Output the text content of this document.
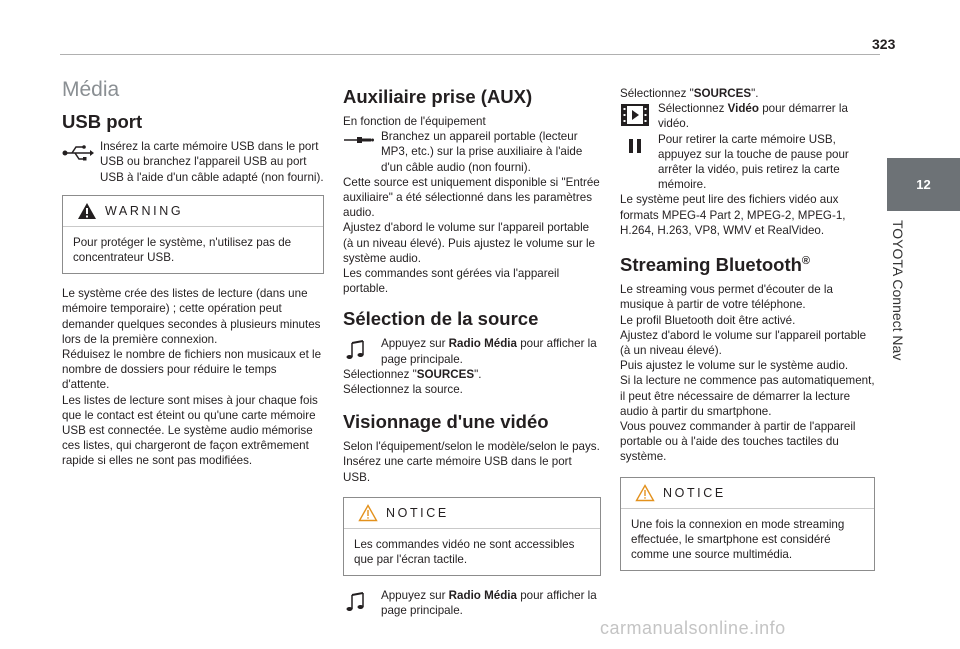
323
12
TOYOTA Connect Nav
Média
USB port

Insérez la carte mémoire USB dans le port USB ou branchez l'appareil USB au port USB à l'aide d'un câble adapté (non fourni).

WARNING

Pour protéger le système, n'utilisez pas de concentrateur USB.

Le système crée des listes de lecture (dans une mémoire temporaire) ; cette opération peut demander quelques secondes à plusieurs minutes lors de la première connexion.

Réduisez le nombre de fichiers non musicaux et le nombre de dossiers pour réduire le temps d'attente.

Les listes de lecture sont mises à jour chaque fois que le contact est éteint ou qu'une carte mémoire USB est connectée. Le système audio mémorise ces listes, qui chargeront de façon extrêmement rapide si elles ne sont pas modifiées.

Auxiliaire prise (AUX)

En fonction de l'équipement

Branchez un appareil portable (lecteur MP3, etc.) sur la prise auxiliaire à l'aide d'un câble audio (non fourni).

Cette source est uniquement disponible si "Entrée auxiliaire" a été sélectionné dans les paramètres audio.

Ajustez d'abord le volume sur l'appareil portable (à un niveau élevé). Puis ajustez le volume sur le système audio.

Les commandes sont gérées via l'appareil portable.

Sélection de la source

Appuyez sur Radio Média pour afficher la page principale.

Sélectionnez "SOURCES".

Sélectionnez la source.

Visionnage d'une vidéo

Selon l'équipement/selon le modèle/selon le pays.

Insérez une carte mémoire USB dans le port USB.

NOTICE

Les commandes vidéo ne sont accessibles que par l'écran tactile.

Appuyez sur Radio Média pour afficher la page principale.

Sélectionnez "SOURCES".

Sélectionnez Vidéo pour démarrer la vidéo.

Pour retirer la carte mémoire USB, appuyez sur la touche de pause pour arrêter la vidéo, puis retirez la carte mémoire.

Le système peut lire des fichiers vidéo aux formats MPEG-4 Part 2, MPEG-2, MPEG-1, H.264, H.263, VP8, WMV et RealVideo.

Streaming Bluetooth®

Le streaming vous permet d'écouter de la musique à partir de votre téléphone.

Le profil Bluetooth doit être activé.

Ajustez d'abord le volume sur l'appareil portable (à un niveau élevé).

Puis ajustez le volume sur le système audio.

Si la lecture ne commence pas automatiquement, il peut être nécessaire de démarrer la lecture audio à partir du smartphone.

Vous pouvez commander à partir de l'appareil portable ou à l'aide des touches tactiles du système.

NOTICE

Une fois la connexion en mode streaming effectuée, le smartphone est considéré comme une source multimédia.

carmanualsonline.info
